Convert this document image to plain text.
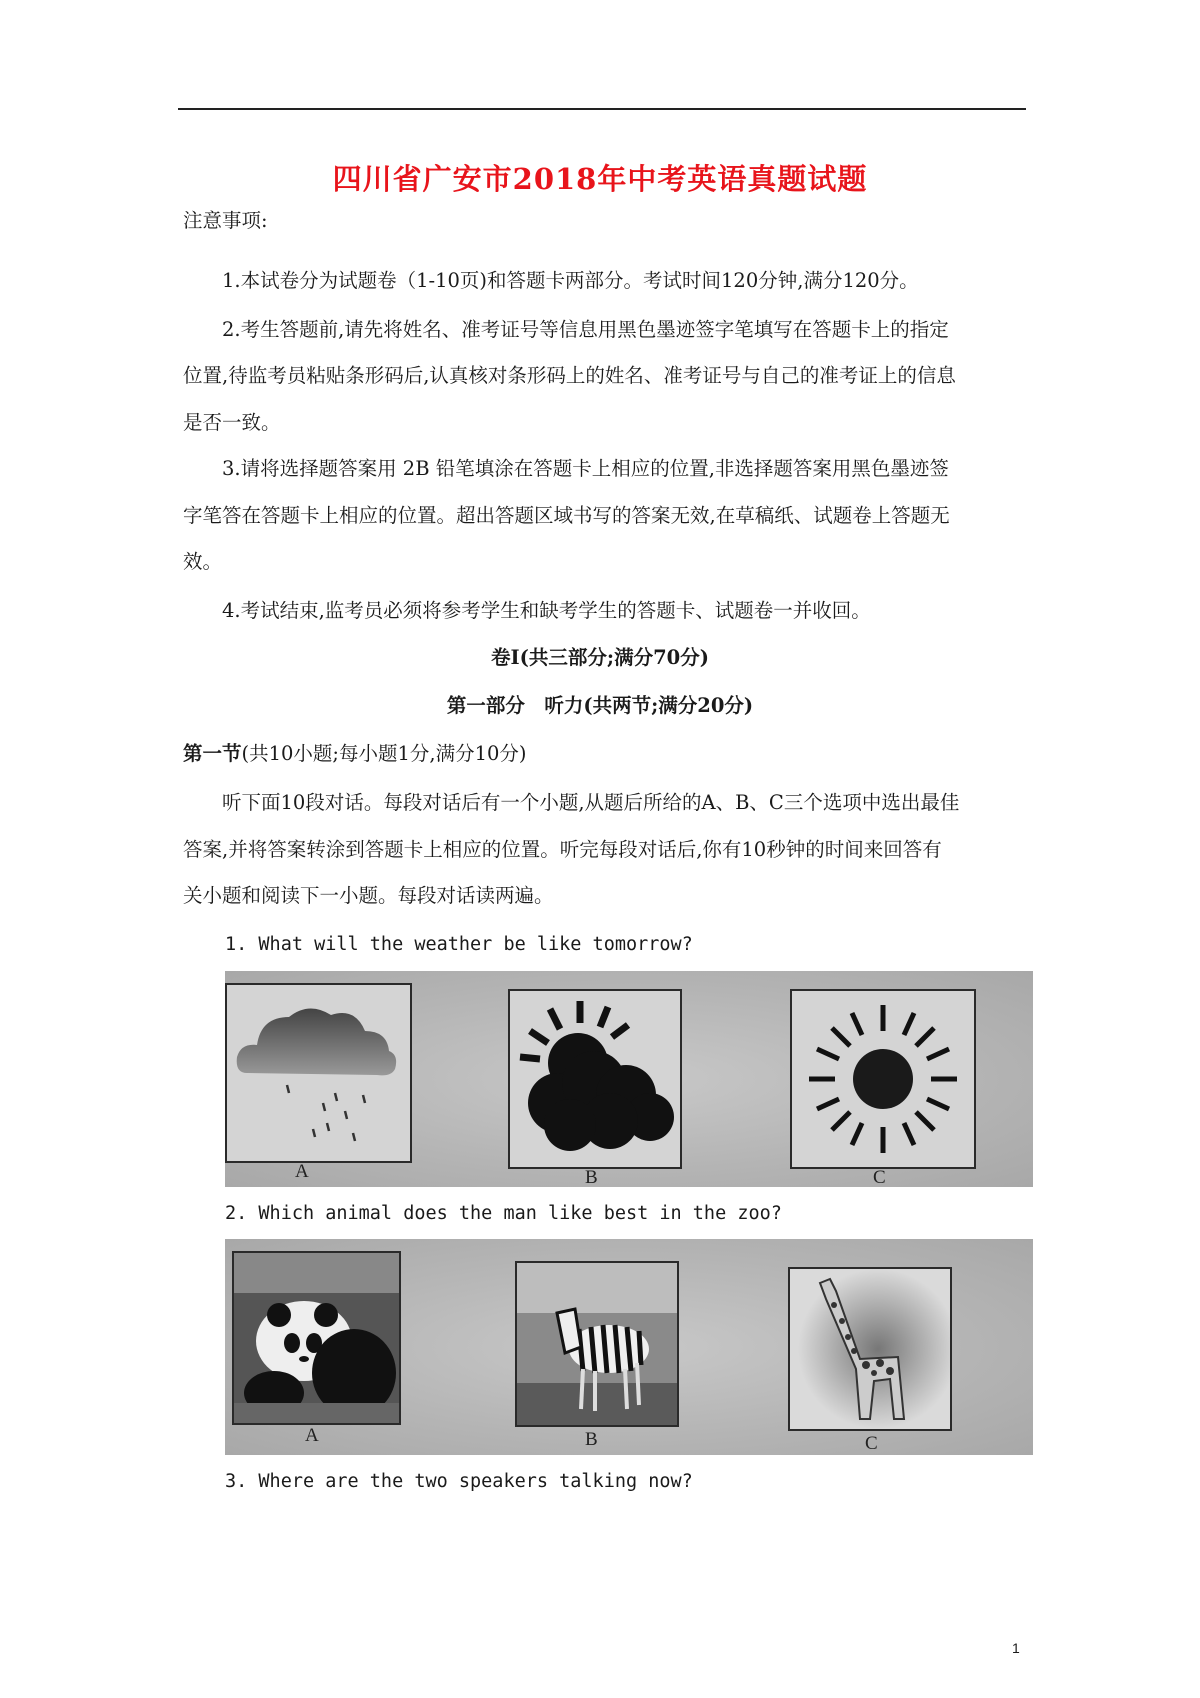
四川省广安市2018年中考英语真题试题
注意事项:
1.本试卷分为试题卷（1-10页)和答题卡两部分。考试时间120分钟,满分120分。
2.考生答题前,请先将姓名、准考证号等信息用黑色墨迹签字笔填写在答题卡上的指定
位置,待监考员粘贴条形码后,认真核对条形码上的姓名、准考证号与自己的准考证上的信息
是否一致。
3.请将选择题答案用 2B 铅笔填涂在答题卡上相应的位置,非选择题答案用黑色墨迹签
字笔答在答题卡上相应的位置。超出答题区域书写的答案无效,在草稿纸、试题卷上答题无
效。
4.考试结束,监考员必须将参考学生和缺考学生的答题卡、试题卷一并收回。
卷Ⅰ(共三部分;满分70分)
第一部分　听力(共两节;满分20分)
第一节(共10小题;每小题1分,满分10分)
听下面10段对话。每段对话后有一个小题,从题后所给的A、B、C三个选项中选出最佳
答案,并将答案转涂到答题卡上相应的位置。听完每段对话后,你有10秒钟的时间来回答有
关小题和阅读下一小题。每段对话读两遍。
1. What will the weather be like tomorrow?
A	B	C
2. Which animal does the man like best in the zoo?
A	B	C
3. Where are the two speakers talking now?
1
